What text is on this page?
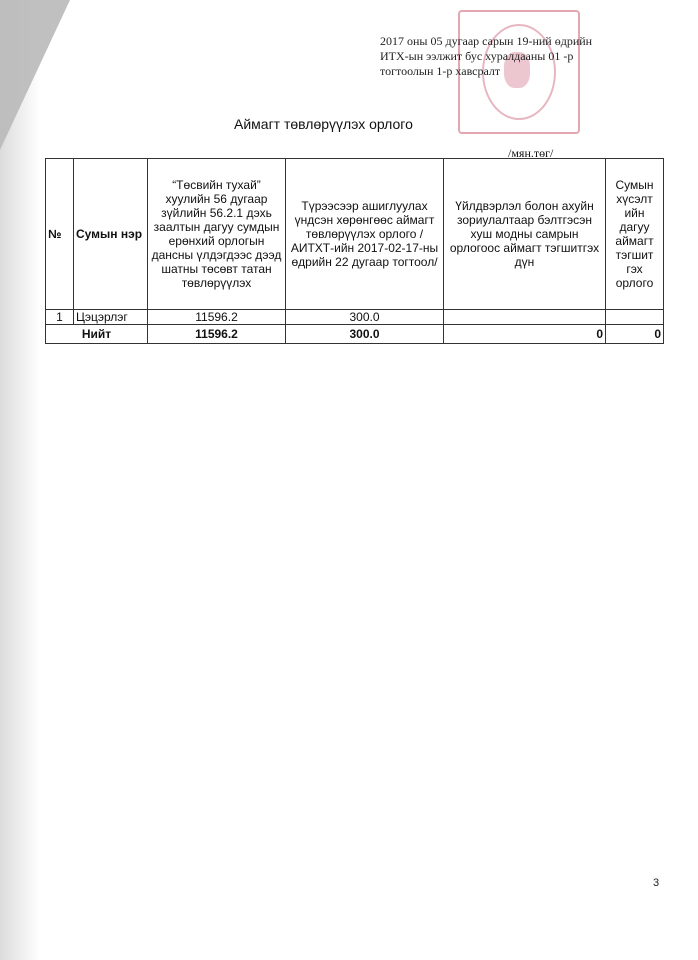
2017 оны 05 дугаар сарын 19-ний өдрийн
ИТХ-ын ээлжит бус хуралдааны 01 -р
тогтоолын 1-р хавсралт
Аймагт төвлөрүүлэх орлого
/мян.төг/
№	Сумын нэр	“Төсвийн тухай” хуулийн 56 дугаар зүйлийн 56.2.1 дэхь заалтын дагуу сумдын ерөнхий орлогын дансны үлдэгдээс дээд шатны төсөвт татан төвлөрүүлэх	Түрээсээр ашиглуулах үндсэн хөрөнгөөс аймагт төвлөрүүлэх орлого /АИТХТ-ийн 2017-02-17-ны өдрийн 22 дугаар тогтоол/	Үйлдвэрлэл болон ахуйн зориулалтаар бэлтгэсэн хуш модны самрын орлогоос аймагт тэгшитгэх дүн	Сумын хүсэлт ийн дагуу аймагт тэгшит гэх орлого
1	Цэцэрлэг	11596.2	300.0		
Нийт		11596.2	300.0	0	0
3
